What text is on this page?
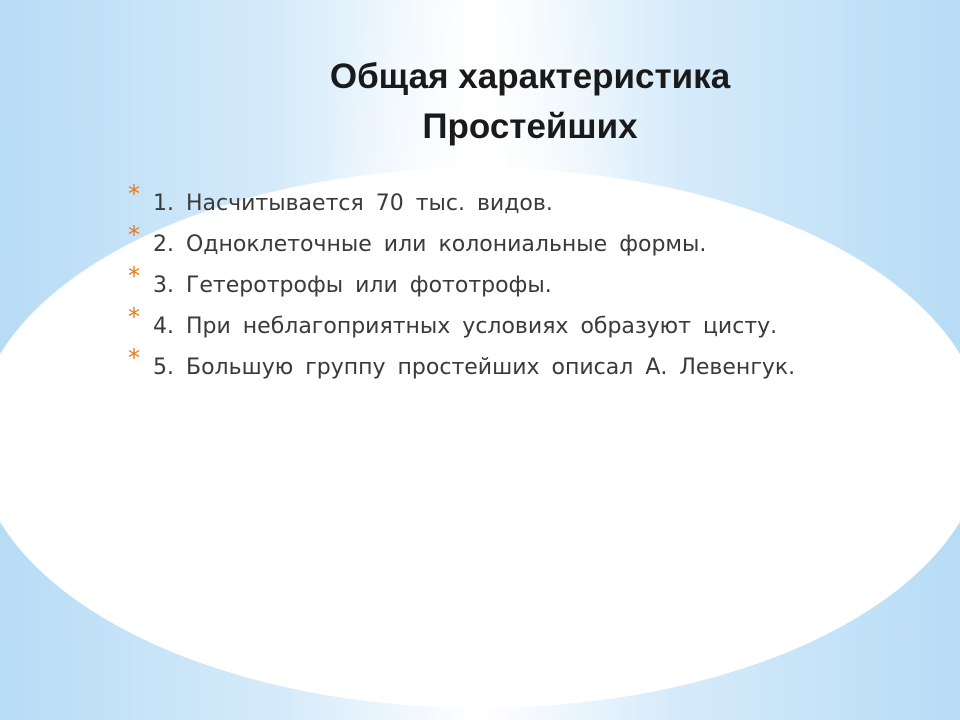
Общая характеристика
Простейших
* 1. Насчитывается 70 тыс. видов.
* 2. Одноклеточные или колониальные формы.
* 3. Гетеротрофы или фототрофы.
* 4. При неблагоприятных условиях образуют цисту.
* 5. Большую группу простейших описал А. Левенгук.
